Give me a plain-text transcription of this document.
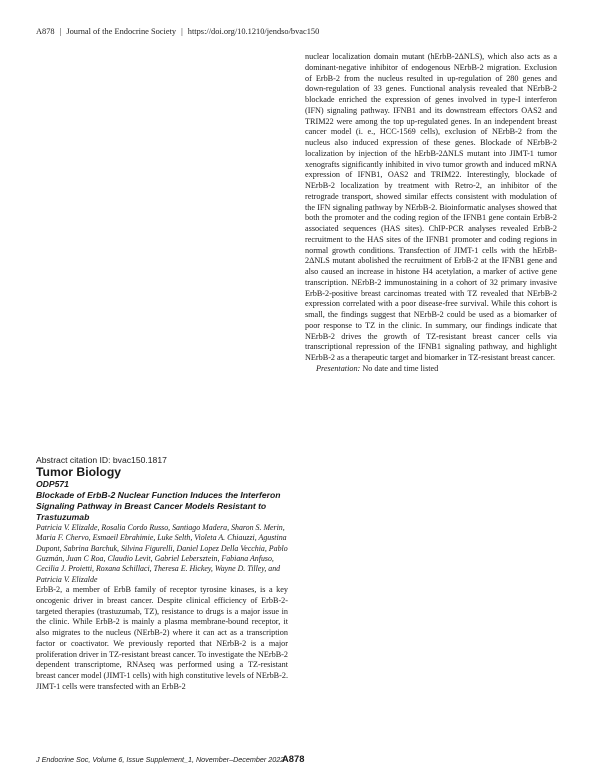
A878 | Journal of the Endocrine Society | https://doi.org/10.1210/jendso/bvac150

nuclear localization domain mutant (hErbB-2ΔNLS), which also acts as a dominant-negative inhibitor of endogenous NErbB-2 migration. Exclusion of ErbB-2 from the nucleus resulted in up-regulation of 280 genes and down-regulation of 33 genes. Functional analysis revealed that NErbB-2 blockade enriched the expression of genes involved in type-I interferon (IFN) signaling pathway. IFNB1 and its downstream effectors OAS2 and TRIM22 were among the top up-regulated genes. In an independent breast cancer model (i. e., HCC-1569 cells), exclusion of NErbB-2 from the nucleus also induced expression of these genes. Blockade of NErbB-2 localization by injection of the hErbB-2ΔNLS mutant into JIMT-1 tumor xenografts significantly inhibited in vivo tumor growth and induced mRNA expression of IFNB1, OAS2 and TRIM22. Interestingly, blockade of NErbB-2 localization by treatment with Retro-2, an inhibitor of the retrograde transport, showed similar effects consistent with modulation of the IFN signaling pathway by NErbB-2. Bioinformatic analyses showed that both the promoter and the coding region of the IFNB1 gene contain ErbB-2 associated sequences (HAS sites). ChIP-PCR analyses revealed ErbB-2 recruitment to the HAS sites of the IFNB1 promoter and coding regions in normal growth conditions. Transfection of JIMT-1 cells with the hErbB-2ΔNLS mutant abolished the recruitment of ErbB-2 at the IFNB1 gene and also caused an increase in histone H4 acetylation, a marker of active gene transcription. NErbB-2 immunostaining in a cohort of 32 primary invasive ErbB-2-positive breast carcinomas treated with TZ revealed that NErbB-2 expression correlated with a poor disease-free survival. While this cohort is small, the findings suggest that NErbB-2 could be used as a biomarker of poor response to TZ in the clinic. In summary, our findings indicate that NErbB-2 drives the growth of TZ-resistant breast cancer cells via transcriptional repression of the IFNB1 signaling pathway, and highlight NErbB-2 as a therapeutic target and biomarker in TZ-resistant breast cancer.

Presentation: No date and time listed

Abstract citation ID: bvac150.1817

Tumor Biology

ODP571

Blockade of ErbB-2 Nuclear Function Induces the Interferon Signaling Pathway in Breast Cancer Models Resistant to Trastuzumab

Patricia V. Elizalde, Rosalia Cordo Russo, Santiago Madera, Sharon S. Merin, Maria F. Chervo, Esmaeil Ebrahimie, Luke Selth, Violeta A. Chiauzzi, Agustina Dupont, Sabrina Barchuk, Silvina Figurelli, Daniel Lopez Della Vecchia, Pablo Guzmán, Juan C Roa, Claudio Levit, Gabriel Lebersztein, Fabiana Anfuso, Cecilia J. Proietti, Roxana Schillaci, Theresa E. Hickey, Wayne D. Tilley, and Patricia V. Elizalde

ErbB-2, a member of ErbB family of receptor tyrosine kinases, is a key oncogenic driver in breast cancer. Despite clinical efficiency of ErbB-2-targeted therapies (trastuzumab, TZ), resistance to drugs is a major issue in the clinic. While ErbB-2 is mainly a plasma membrane-bound receptor, it also migrates to the nucleus (NErbB-2) where it can act as a transcription factor or coactivator. We previously reported that NErbB-2 is a major proliferation driver in TZ-resistant breast cancer. To investigate the NErbB-2 dependent transcriptome, RNAseq was performed using a TZ-resistant breast cancer model (JIMT-1 cells) with high constitutive levels of NErbB-2. JIMT-1 cells were transfected with an ErbB-2

J Endocrine Soc, Volume 6, Issue Supplement_1, November–December 2022
A878
